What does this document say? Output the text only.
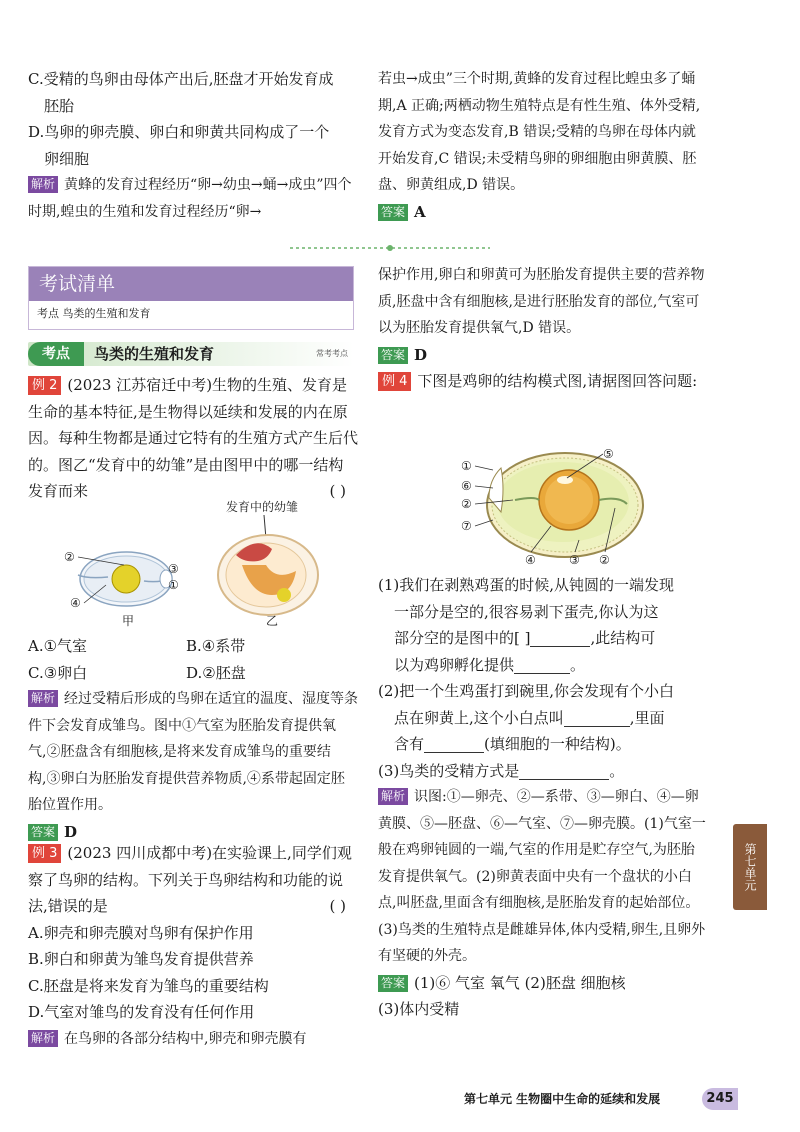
C.受精的鸟卵由母体产出后,胚盘才开始发育成

胚胎

D.鸟卵的卵壳膜、卵白和卵黄共同构成了一个

卵细胞

解析 黄蜂的发育过程经历“卵→幼虫→蛹→成虫”四个时期,蝗虫的生殖和发育过程经历“卵→

若虫→成虫”三个时期,黄蜂的发育过程比蝗虫多了蛹期,A 正确;两栖动物生殖特点是有性生殖、体外受精,发育方式为变态发育,B 错误;受精的鸟卵在母体内就开始发育,C 错误;未受精鸟卵的卵细胞由卵黄膜、胚盘、卵黄组成,D 错误。

答案 A

考试清单
考点 鸟类的生殖和发育
考点	鸟类的生殖和发育	常考考点

例 2 (2023 江苏宿迁中考)生物的生殖、发育是生命的基本特征,是生物得以延续和发展的内在原因。每种生物都是通过它特有的生殖方式产生后代的。图乙“发育中的幼雏”是由图甲中的哪一结构发育而来	( )

发育中的幼雏
②
③
①
④
甲	乙

A.①气室	B.④系带

C.③卵白	D.②胚盘

解析 经过受精后形成的鸟卵在适宜的温度、湿度等条件下会发育成雏鸟。图中①气室为胚胎发育提供氧气,②胚盘含有细胞核,是将来发育成雏鸟的重要结构,③卵白为胚胎发育提供营养物质,④系带起固定胚胎位置作用。

答案 D

例 3 (2023 四川成都中考)在实验课上,同学们观察了鸟卵的结构。下列关于鸟卵结构和功能的说法,错误的是	( )

A.卵壳和卵壳膜对鸟卵有保护作用

B.卵白和卵黄为雏鸟发育提供营养

C.胚盘是将来发育为雏鸟的重要结构

D.气室对雏鸟的发育没有任何作用

解析 在鸟卵的各部分结构中,卵壳和卵壳膜有

保护作用,卵白和卵黄可为胚胎发育提供主要的营养物质,胚盘中含有细胞核,是进行胚胎发育的部位,气室可以为胚胎发育提供氧气,D 错误。

答案 D

例 4 下图是鸡卵的结构模式图,请据图回答问题:

①
⑥
②
⑦
⑤
④	③ ②

(1)我们在剥熟鸡蛋的时候,从钝圆的一端发现

一部分是空的,很容易剥下蛋壳,你认为这

部分空的是图中的[ ]	,此结构可

以为鸡卵孵化提供	。

(2)把一个生鸡蛋打到碗里,你会发现有个小白

点在卵黄上,这个小白点叫	,里面

含有	(填细胞的一种结构)。

(3)鸟类的受精方式是	。

解析 识图:①—卵壳、②—系带、③—卵白、④—卵黄膜、⑤—胚盘、⑥—气室、⑦—卵壳膜。(1)气室一般在鸡卵钝圆的一端,气室的作用是贮存空气,为胚胎发育提供氧气。(2)卵黄表面中央有一个盘状的小白点,叫胚盘,里面含有细胞核,是胚胎发育的起始部位。(3)鸟类的生殖特点是雌雄异体,体内受精,卵生,且卵外有坚硬的外壳。

答案 (1)⑥ 气室 氧气 (2)胚盘 细胞核

(3)体内受精

第七单元
第七单元 生物圈中生命的延续和发展	245
